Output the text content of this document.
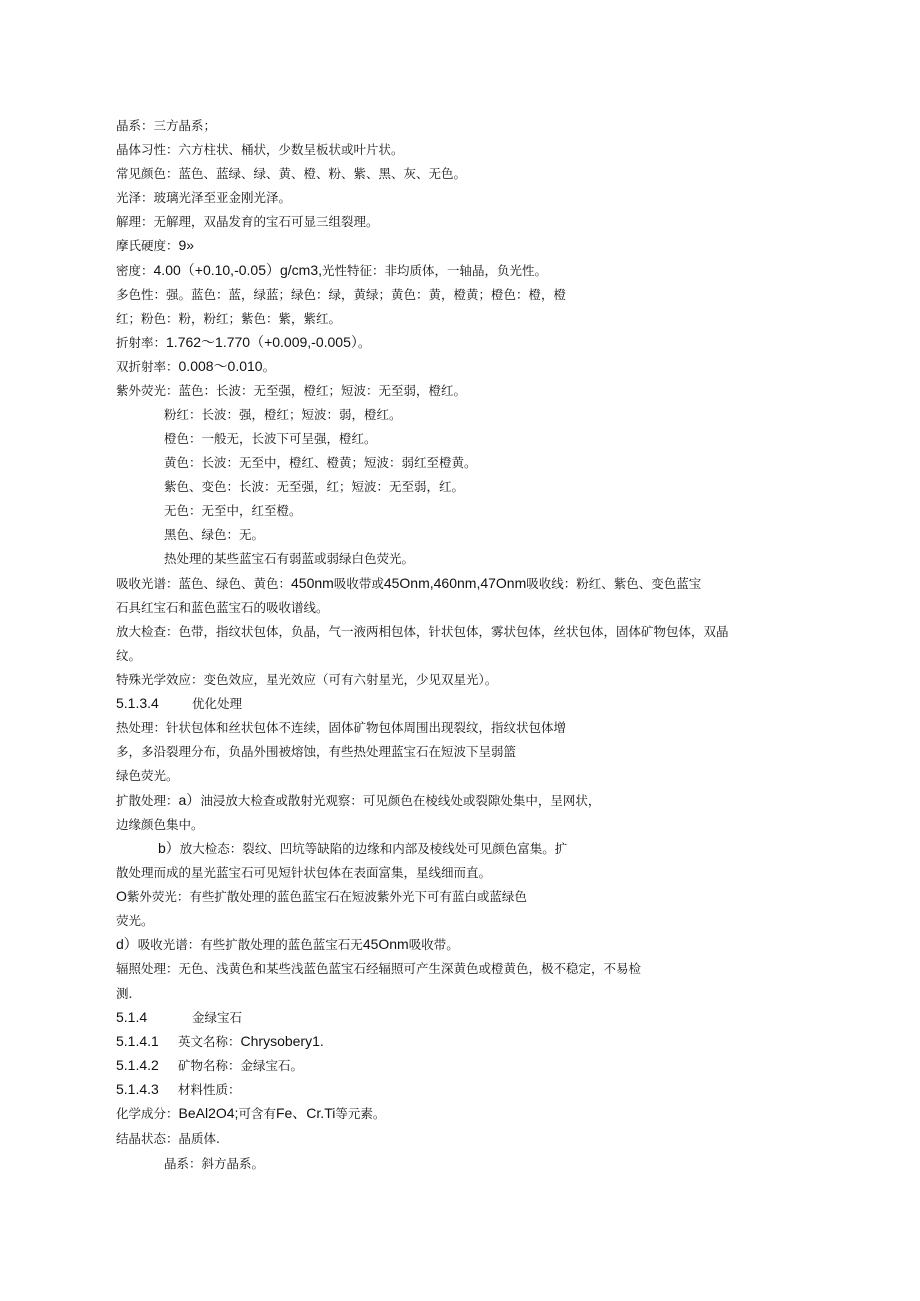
晶系：三方晶系；
晶体习性：六方柱状、桶状，少数呈板状或叶片状。
常见颜色：蓝色、蓝绿、绿、黄、橙、粉、紫、黑、灰、无色。
光泽：玻璃光泽至亚金刚光泽。
解理：无解理，双晶发育的宝石可显三组裂理。
摩氏硬度：9»
密度：4.00（+0.10,-0.05）g/cm3,光性特征：非均质体，一轴晶，负光性。
多色性：强。蓝色：蓝，绿蓝；绿色：绿，黄绿；黄色：黄，橙黄；橙色：橙，橙
红；粉色：粉，粉红；紫色：紫，紫红。
折射率：1.762～1.770（+0.009,-0.005）。
双折射率：0.008～0.010。
紫外荧光：蓝色：长波：无至强，橙红；短波：无至弱，橙红。
粉红：长波：强，橙红；短波：弱，橙红。
橙色：一般无，长波下可呈强，橙红。
黄色：长波：无至中，橙红、橙黄；短波：弱红至橙黄。
紫色、变色：长波：无至强，红；短波：无至弱，红。
无色：无至中，红至橙。
黑色、绿色：无。
热处理的某些蓝宝石有弱蓝或弱绿白色荧光。
吸收光谱：蓝色、绿色、黄色：450nm吸收带或45Onm,460nm,47Onm吸收线：粉红、紫色、变色蓝宝
石具红宝石和蓝色蓝宝石的吸收谱线。
放大检查：色带，指纹状包体，负晶，气一液两相包体，针状包体，雾状包体，丝状包体，固体矿物包体，双晶
纹。
特殊光学效应：变色效应，星光效应（可有六射星光，少见双星光）。
5.1.3.4	优化处理
热处理：针状包体和丝状包体不连续，固体矿物包体周围出现裂纹，指纹状包体增
多，多沿裂理分布，负晶外围被熔蚀，有些热处理蓝宝石在短波下呈弱篮
绿色荧光。
扩散处理：a）油浸放大检查或散射光观察：可见颜色在棱线处或裂隙处集中，呈网状，
边缘颜色集中。
b）放大检态：裂纹、凹坑等缺陷的边缘和内部及棱线处可见颜色富集。扩
散处理而成的星光蓝宝石可见短针状包体在表面富集，星线细而直。
O紫外荧光：有些扩散处理的蓝色蓝宝石在短波紫外光下可有蓝白或蓝绿色
荧光。
d）吸收光谱：有些扩散处理的蓝色蓝宝石无45Onm吸收带。
辐照处理：无色、浅黄色和某些浅蓝色蓝宝石经辐照可产生深黄色或橙黄色，极不稳定，不易检
测.
5.1.4	金绿宝石
5.1.4.1 英文名称：Chrysobery1.
5.1.4.2 矿物名称：金绿宝石。
5.1.4.3 材料性质：
化学成分：BeAl2O4;可含有Fe、Cr.Ti等元素。
结晶状态：晶质体.
晶系：斜方晶系。
